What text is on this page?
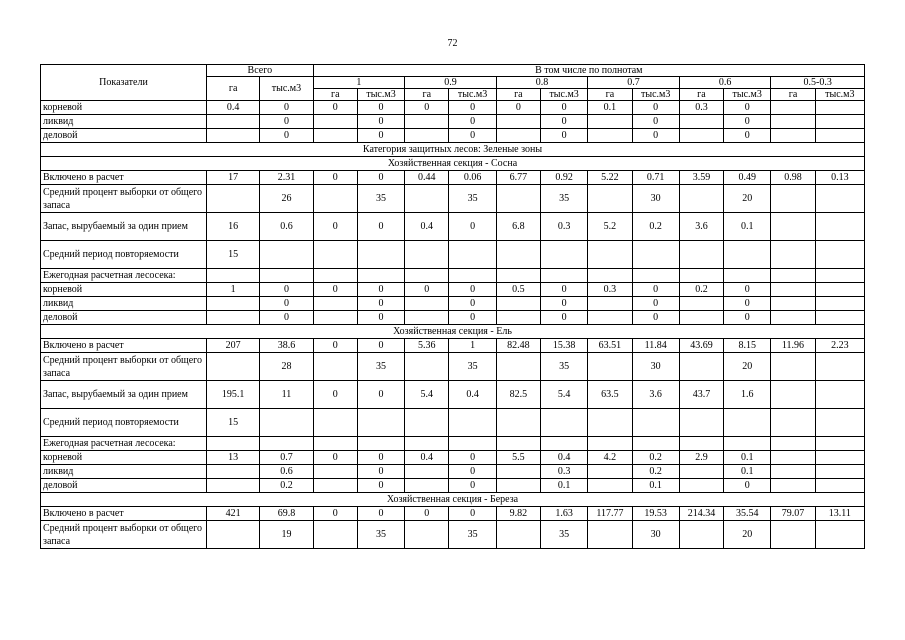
72
Показатели	Всего		В том числе по полнотам											
	га	тыс.м3	1		0.9		0.8		0.7		0.6		0.5-0.3	
			га	тыс.м3	га	тыс.м3	га	тыс.м3	га	тыс.м3	га	тыс.м3	га	тыс.м3
корневой	0.4	0	0	0	0	0	0	0	0.1	0	0.3	0		
ликвид		0		0		0		0		0		0		
деловой		0		0		0		0		0		0		
Категория защитных лесов: Зеленые зоны														
Хозяйственная секция - Сосна														
Включено в расчет	17	2.31	0	0	0.44	0.06	6.77	0.92	5.22	0.71	3.59	0.49	0.98	0.13
Средний процент выборки от общего запаса		26		35		35		35		30		20		
Запас, вырубаемый за один прием	16	0.6	0	0	0.4	0	6.8	0.3	5.2	0.2	3.6	0.1		
Средний период повторяемости	15													
Ежегодная расчетная лесосека:														
корневой	1	0	0	0	0	0	0.5	0	0.3	0	0.2	0		
ликвид		0		0		0		0		0		0		
деловой		0		0		0		0		0		0		
Хозяйственная секция - Ель														
Включено в расчет	207	38.6	0	0	5.36	1	82.48	15.38	63.51	11.84	43.69	8.15	11.96	2.23
Средний процент выборки от общего запаса		28		35		35		35		30		20		
Запас, вырубаемый за один прием	195.1	11	0	0	5.4	0.4	82.5	5.4	63.5	3.6	43.7	1.6		
Средний период повторяемости	15													
Ежегодная расчетная лесосека:														
корневой	13	0.7	0	0	0.4	0	5.5	0.4	4.2	0.2	2.9	0.1		
ликвид		0.6		0		0		0.3		0.2		0.1		
деловой		0.2		0		0		0.1		0.1		0		
Хозяйственная секция - Береза														
Включено в расчет	421	69.8	0	0	0	0	9.82	1.63	117.77	19.53	214.34	35.54	79.07	13.11
Средний процент выборки от общего запаса		19		35		35		35		30		20		
